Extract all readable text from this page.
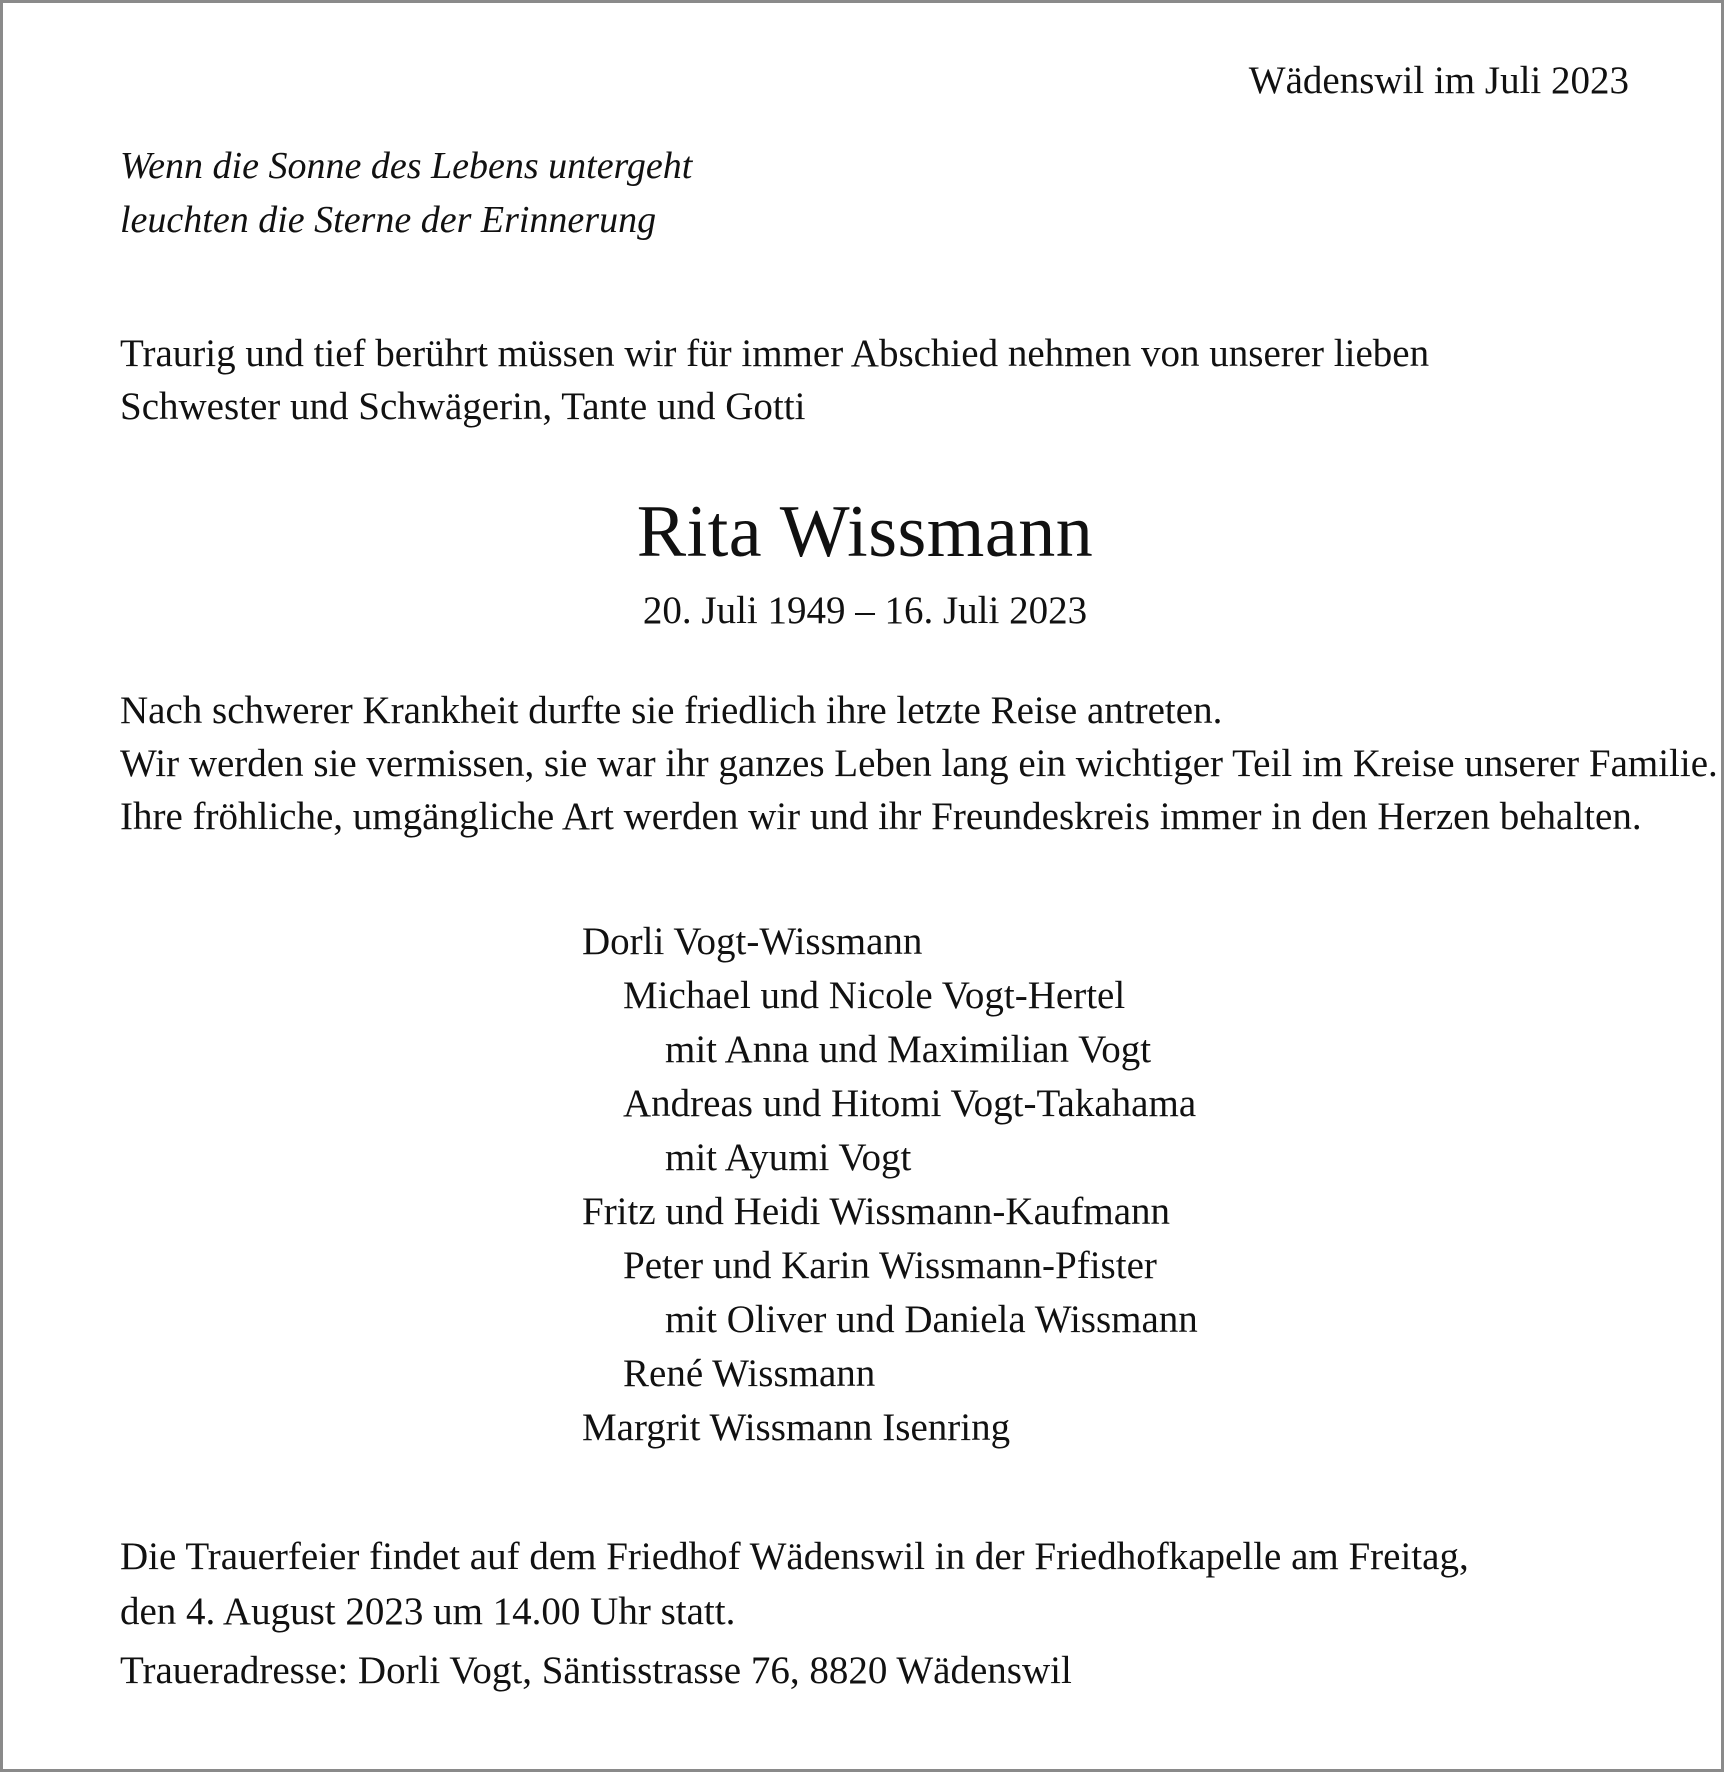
Wädenswil im Juli 2023

Wenn die Sonne des Lebens untergeht
leuchten die Sterne der Erinnerung
Traurig und tief berührt müssen wir für immer Abschied nehmen von unserer lieben
Schwester und Schwägerin, Tante und Gotti
Rita Wissmann

20. Juli 1949 – 16. Juli 2023

Nach schwerer Krankheit durfte sie friedlich ihre letzte Reise antreten.
Wir werden sie vermissen, sie war ihr ganzes Leben lang ein wichtiger Teil im Kreise unserer Familie.
Ihre fröhliche, umgängliche Art werden wir und ihr Freundeskreis immer in den Herzen behalten.
Dorli Vogt-Wissmann
Michael und Nicole Vogt-Hertel
mit Anna und Maximilian Vogt
Andreas und Hitomi Vogt-Takahama
mit Ayumi Vogt
Fritz und Heidi Wissmann-Kaufmann
Peter und Karin Wissmann-Pfister
mit Oliver und Daniela Wissmann
René Wissmann
Margrit Wissmann Isenring
Die Trauerfeier findet auf dem Friedhof Wädenswil in der Friedhofkapelle am Freitag,
den 4. August 2023 um 14.00 Uhr statt.

Traueradresse: Dorli Vogt, Säntisstrasse 76, 8820 Wädenswil
